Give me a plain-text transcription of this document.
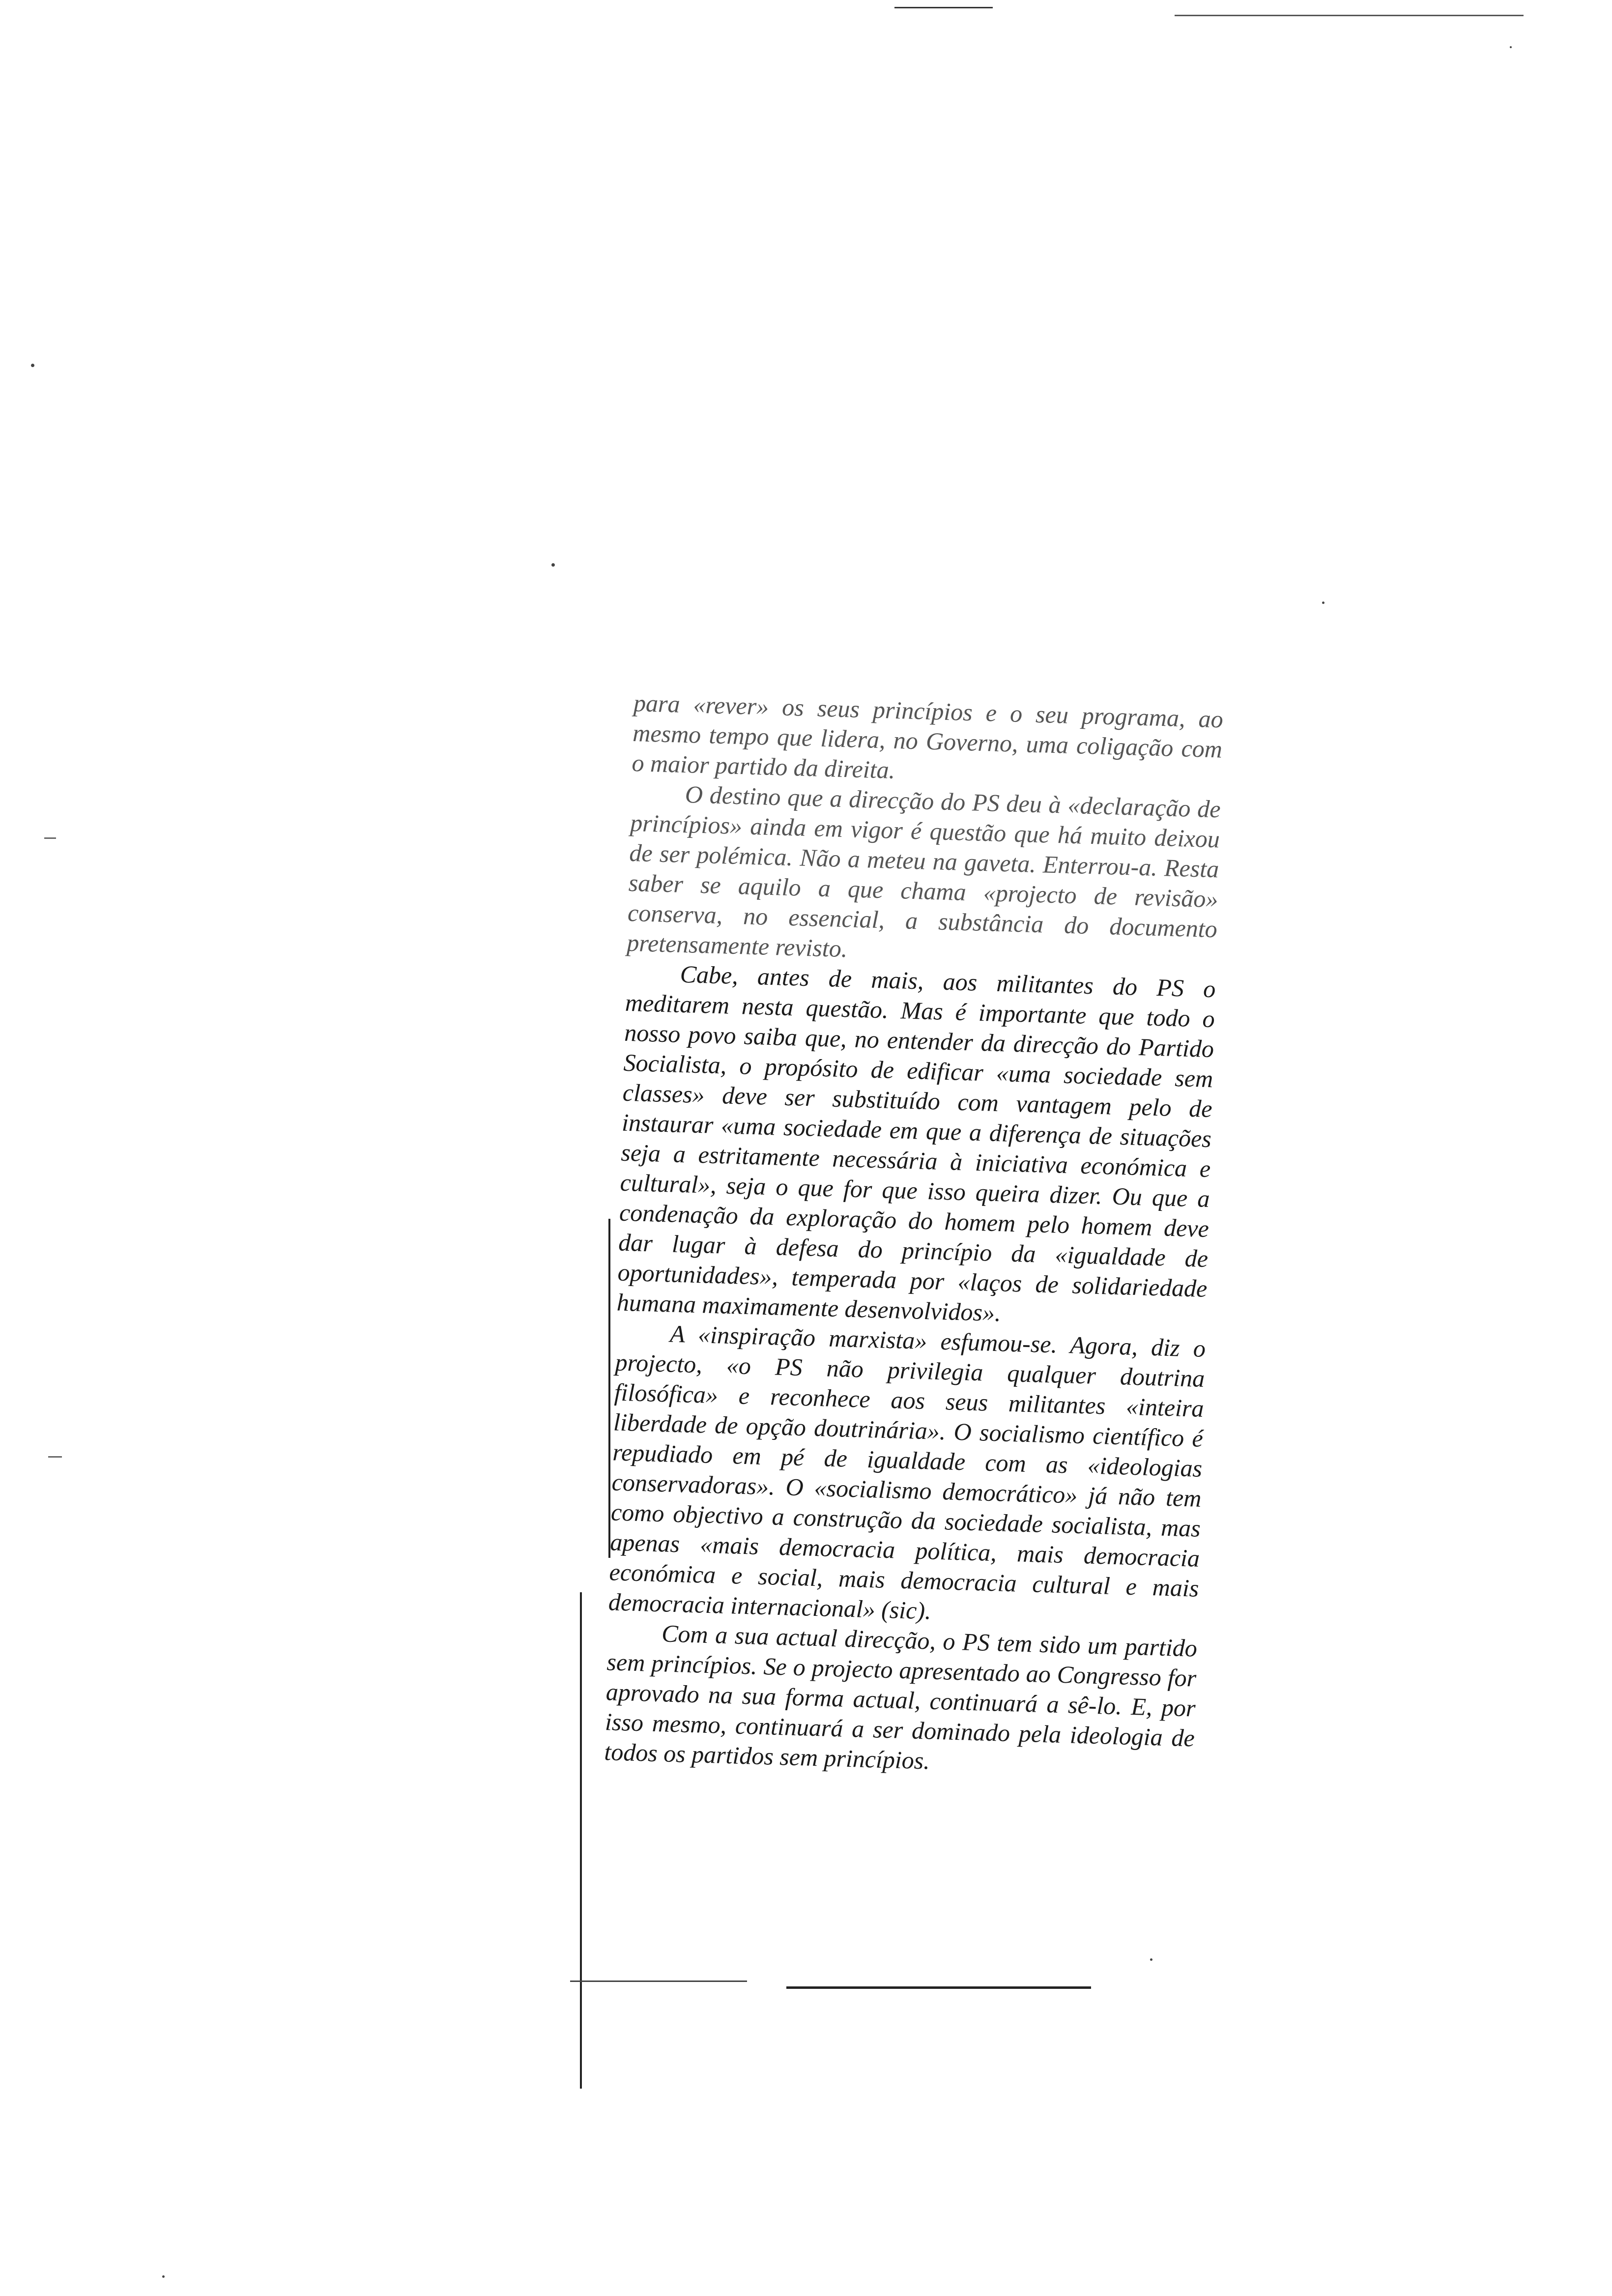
para «rever» os seus princípios e o seu programa, ao mesmo tempo que lidera, no Governo, uma coligação com o maior partido da direita.

O destino que a direcção do PS deu à «declaração de princípios» ainda em vigor é questão que há muito deixou de ser polémica. Não a meteu na gaveta. Enterrou-a. Resta saber se aquilo a que chama «projecto de revisão» conserva, no essencial, a substância do documento pretensamente revisto.

Cabe, antes de mais, aos militantes do PS o meditarem nesta questão. Mas é importante que todo o nosso povo saiba que, no entender da direcção do Partido Socialista, o propósito de edificar «uma sociedade sem classes» deve ser substituído com vantagem pelo de instaurar «uma sociedade em que a diferença de situações seja a estritamente necessária à iniciativa económica e cultural», seja o que for que isso queira dizer. Ou que a condenação da exploração do homem pelo homem deve dar lugar à defesa do princípio da «igualdade de oportunidades», temperada por «laços de solidariedade humana maximamente desenvolvidos».

A «inspiração marxista» esfumou-se. Agora, diz o projecto, «o PS não privilegia qualquer doutrina filosófica» e reconhece aos seus militantes «inteira liberdade de opção doutrinária». O socialismo científico é repudiado em pé de igualdade com as «ideologias conservadoras». O «socialismo democrático» já não tem como objectivo a construção da sociedade socialista, mas apenas «mais democracia política, mais democracia económica e social, mais democracia cultural e mais democracia internacional» (sic).

Com a sua actual direcção, o PS tem sido um partido sem princípios. Se o projecto apresentado ao Congresso for aprovado na sua forma actual, continuará a sê-lo. E, por isso mesmo, continuará a ser dominado pela ideologia de todos os partidos sem princípios.
